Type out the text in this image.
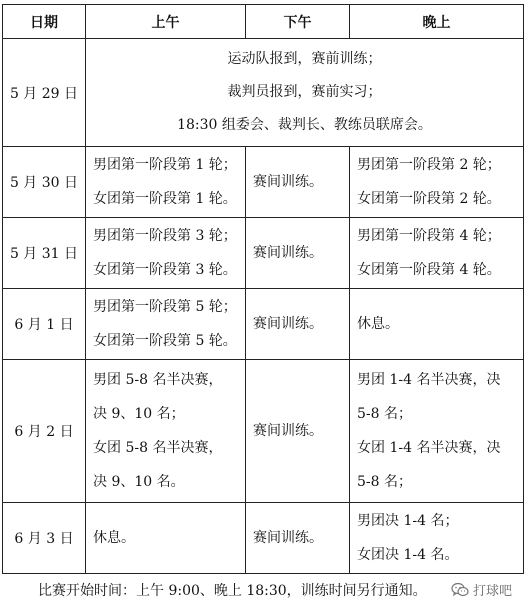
日期	上午	下午	晚上
5 月 29 日	运动队报到，赛前训练；
裁判员报到，赛前实习；
18:30 组委会、裁判长、教练员联席会。		

5 月 30 日	男团第一阶段第 1 轮；
女团第一阶段第 1 轮。	赛间训练。	男团第一阶段第 2 轮；
女团第一阶段第 2 轮。

5 月 31 日	男团第一阶段第 3 轮；
女团第一阶段第 3 轮。	赛间训练。	男团第一阶段第 4 轮；
女团第一阶段第 4 轮。

6 月 1 日	男团第一阶段第 5 轮；
女团第一阶段第 5 轮。	赛间训练。	休息。

6 月 2 日	男团 5-8 名半决赛，
决 9、10 名；
女团 5-8 名半决赛，
决 9、10 名。	赛间训练。	男团 1-4 名半决赛，决
5-8 名；
女团 1-4 名半决赛，决
5-8 名；

6 月 3 日	休息。	赛间训练。	男团决 1-4 名；
女团决 1-4 名。
比赛开始时间：上午 9:00、晚上 18:30，训练时间另行通知。	打球吧
